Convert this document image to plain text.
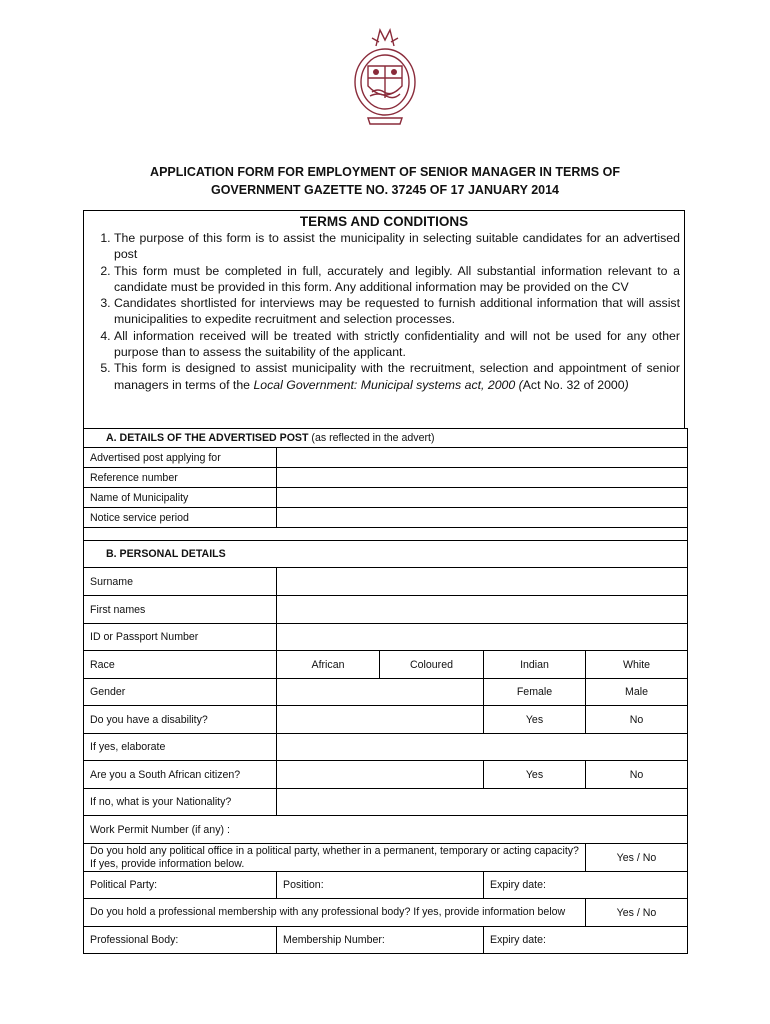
APPLICATION FORM FOR EMPLOYMENT OF SENIOR MANAGER IN TERMS OF
GOVERNMENT GAZETTE NO. 37245 OF 17 JANUARY 2014
TERMS AND CONDITIONS
1. The purpose of this form is to assist the municipality in selecting suitable candidates for an advertised post
2. This form must be completed in full, accurately and legibly. All substantial information relevant to a candidate must be provided in this form. Any additional information may be provided on the CV
3. Candidates shortlisted for interviews may be requested to furnish additional information that will assist municipalities to expedite recruitment and selection processes.
4. All information received will be treated with strictly confidentiality and will not be used for any other purpose than to assess the suitability of the applicant.
5. This form is designed to assist municipality with the recruitment, selection and appointment of senior managers in terms of the Local Government: Municipal systems act, 2000 (Act No. 32 of 2000)
A. DETAILS OF THE ADVERTISED POST (as reflected in the advert)				
Advertised post applying for				
Reference number				
Name of Municipality				
Notice service period				

B. PERSONAL DETAILS				
Surname				
First names				
ID or Passport Number				
Race	African	Coloured	Indian	White
Gender			Female	Male
Do you have a disability?			Yes	No
If yes, elaborate				
Are you a South African citizen?			Yes	No
If no, what is your Nationality?				
Work Permit Number (if any) :				
Do you hold any political office in a political party, whether in a permanent, temporary or acting capacity? If yes, provide information below.				Yes / No
Political Party:	Position:		Expiry date:	
Do you hold a professional membership with any professional body? If yes, provide information below				Yes / No
Professional Body:	Membership Number:		Expiry date:	
